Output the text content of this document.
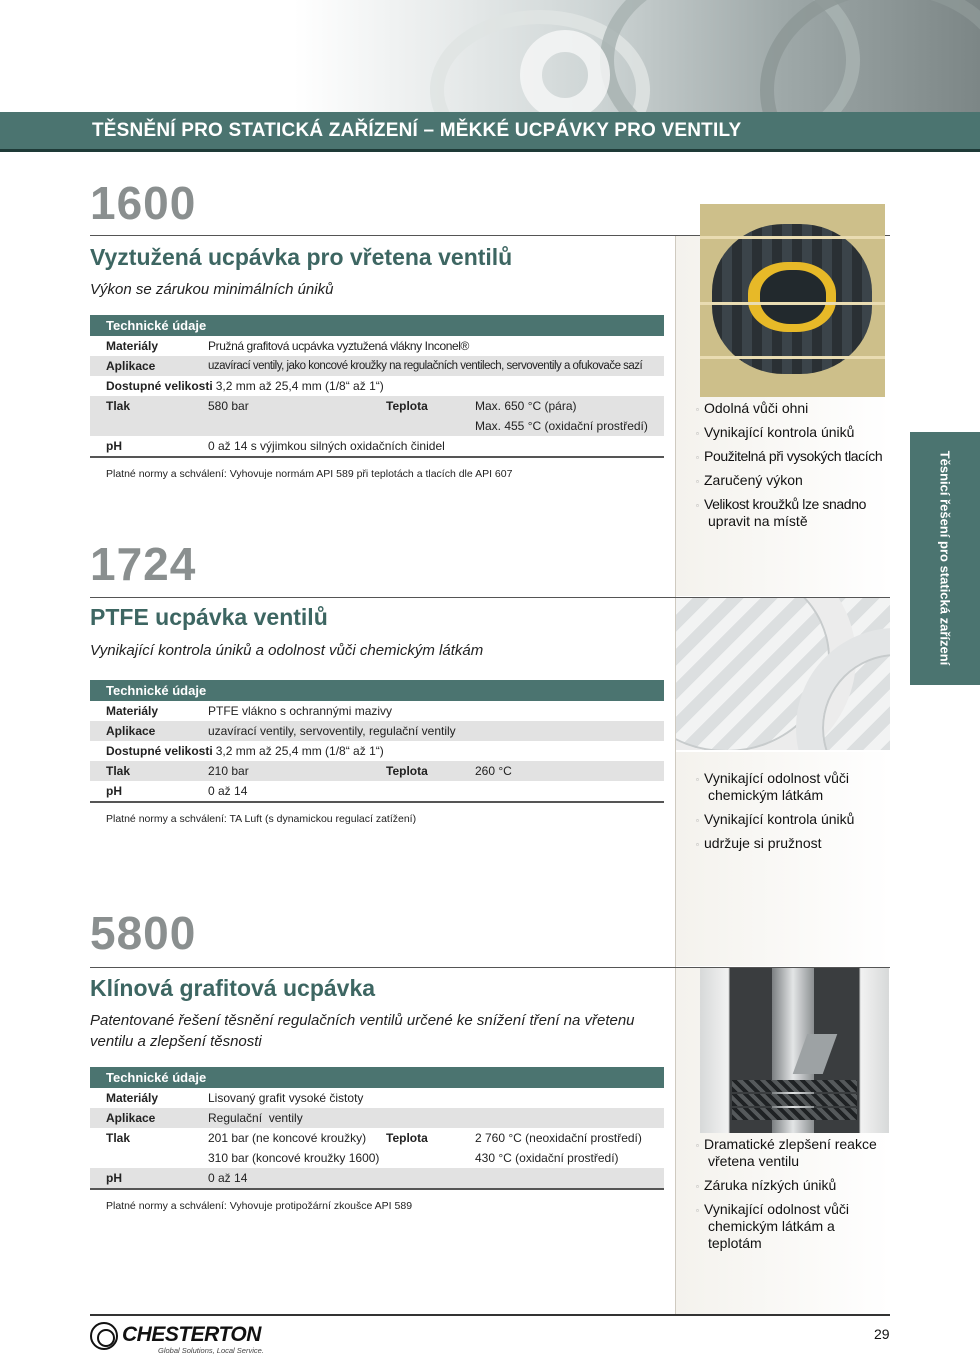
TĚSNĚNÍ PRO STATICKÁ ZAŘÍZENÍ – MĚKKÉ UCPÁVKY PRO VENTILY
1600
Vyztužená ucpávka pro vřetena ventilů
Výkon se zárukou minimálních úniků
Technické údaje
Materiály	Pružná grafitová ucpávka vyztužená vlákny Inconel®
Aplikace	uzavírací ventily, jako koncové kroužky na regulačních ventilech, servoventily a ofukovače sazí
Dostupné velikosti 3,2 mm až 25,4 mm (1/8“ až 1“)
Tlak	580 bar	Teplota	Max. 650 °C (pára)
Max. 455 °C (oxidační prostředí)
pH	0 až 14 s výjimkou silných oxidačních činidel
Platné normy a schválení: Vyhovuje normám API 589 při teplotách a tlacích dle API 607
▫ Odolná vůči ohni
▫ Vynikající kontrola úniků
▫ Použitelná při vysokých tlacích
▫ Zaručený výkon
▫ Velikost kroužků lze snadno
upravit na místě
1724
PTFE ucpávka ventilů
Vynikající kontrola úniků a odolnost vůči chemickým látkám
Technické údaje
Materiály	PTFE vlákno s ochrannými mazivy
Aplikace	uzavírací ventily, servoventily, regulační ventily
Dostupné velikosti 3,2 mm až 25,4 mm (1/8“ až 1“)
Tlak	210 bar	Teplota	260 °C
pH	0 až 14
Platné normy a schválení: TA Luft (s dynamickou regulací zatížení)
▫ Vynikající odolnost vůči
chemickým látkám
▫ Vynikající kontrola úniků
▫ udržuje si pružnost
5800
Klínová grafitová ucpávka
Patentované řešení těsnění regulačních ventilů určené ke snížení tření na vřetenu
ventilu a zlepšení těsnosti
Technické údaje
Materiály	Lisovaný grafit vysoké čistoty
Aplikace	Regulační  ventily
Tlak	201 bar (ne koncové kroužky)	Teplota	2 760 °C (neoxidační prostředí)
310 bar (koncové kroužky 1600)	430 °C (oxidační prostředí)
pH	0 až 14
Platné normy a schválení: Vyhovuje protipožární zkoušce API 589
▫ Dramatické zlepšení reakce
vřetena ventilu
▫ Záruka nízkých úniků
▫ Vynikající odolnost vůči
chemickým látkám a
teplotám
Těsnicí řešení pro statická zařízení
CHESTERTON
Global Solutions, Local Service.
29
